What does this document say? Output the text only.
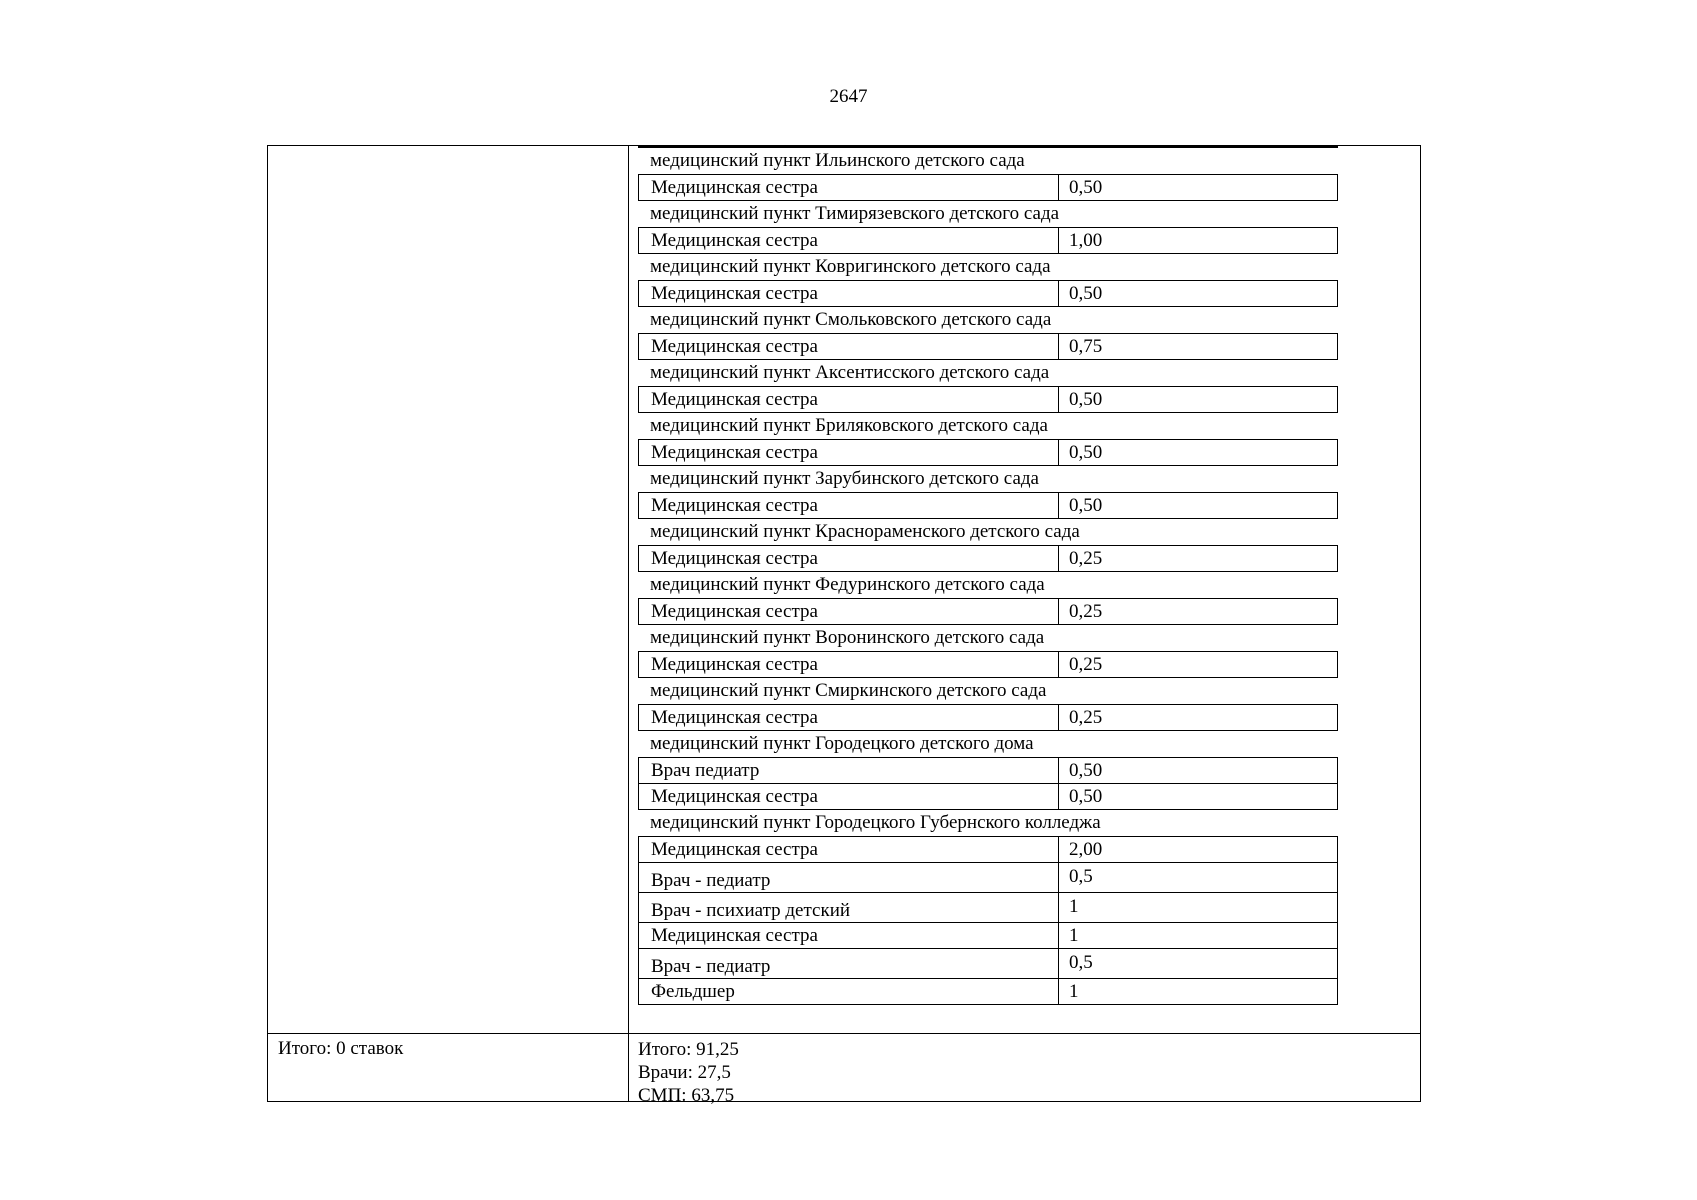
2647
медицинский пункт Ильинского детского сада
Медицинская сестра	0,50
медицинский пункт Тимирязевского детского сада
Медицинская сестра	1,00
медицинский пункт Ковригинского детского сада
Медицинская сестра	0,50
медицинский пункт Смольковского детского сада
Медицинская сестра	0,75
медицинский пункт Аксентисского детского сада
Медицинская сестра	0,50
медицинский пункт Бриляковского детского сада
Медицинская сестра	0,50
медицинский пункт Зарубинского детского сада
Медицинская сестра	0,50
медицинский пункт Краснораменского детского сада
Медицинская сестра	0,25
медицинский пункт Федуринского детского сада
Медицинская сестра	0,25
медицинский пункт Воронинского детского сада
Медицинская сестра	0,25
медицинский пункт Смиркинского детского сада
Медицинская сестра	0,25
медицинский пункт Городецкого детского дома
Врач педиатр	0,50
Медицинская сестра	0,50
медицинский пункт Городецкого Губернского колледжа
Медицинская сестра	2,00
Врач - педиатр	0,5
Врач - психиатр детский	1
Медицинская сестра	1
Врач - педиатр	0,5
Фельдшер	1
Итого: 0 ставок	Итого: 91,25
Врачи: 27,5
СМП: 63,75
